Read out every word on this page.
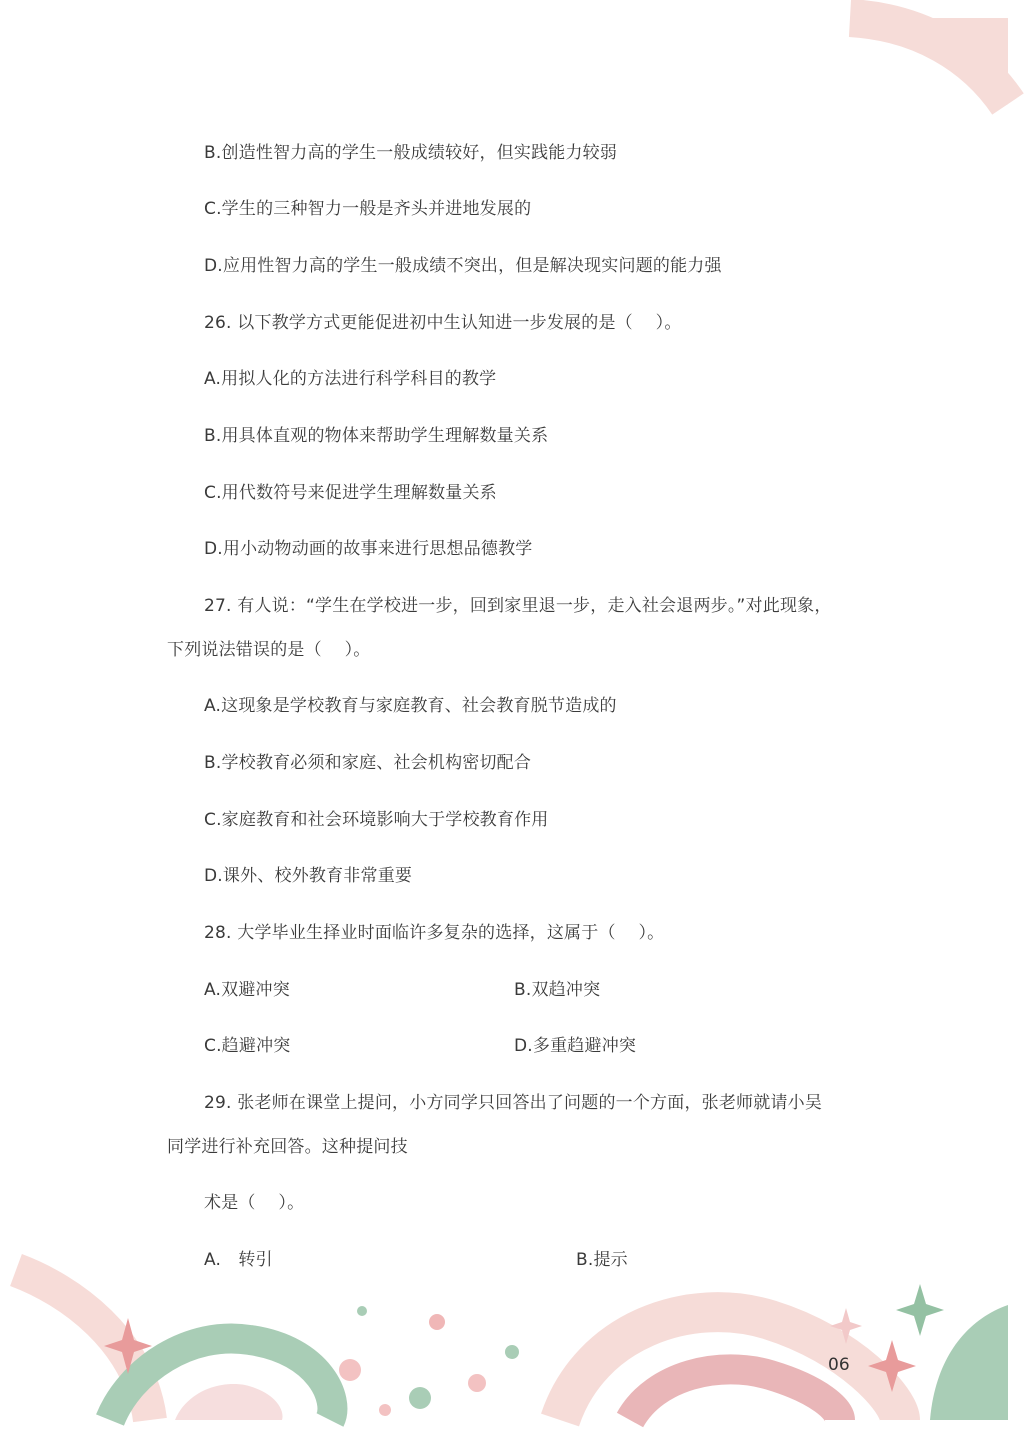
B.创造性智力高的学生一般成绩较好，但实践能力较弱
C.学生的三种智力一般是齐头并进地发展的
D.应用性智力高的学生一般成绩不突出，但是解决现实问题的能力强
26. 以下教学方式更能促进初中生认知进一步发展的是（　 ）。
A.用拟人化的方法进行科学科目的教学
B.用具体直观的物体来帮助学生理解数量关系
C.用代数符号来促进学生理解数量关系
D.用小动物动画的故事来进行思想品德教学
27. 有人说：“学生在学校进一步，回到家里退一步，走入社会退两步。”对此现象，
下列说法错误的是（　 ）。
A.这现象是学校教育与家庭教育、社会教育脱节造成的
B.学校教育必须和家庭、社会机构密切配合
C.家庭教育和社会环境影响大于学校教育作用
D.课外、校外教育非常重要
28. 大学毕业生择业时面临许多复杂的选择，这属于（　 ）。
A.双避冲突	B.双趋冲突
C.趋避冲突	D.多重趋避冲突
29. 张老师在课堂上提问，小方同学只回答出了问题的一个方面，张老师就请小吴
同学进行补充回答。这种提问技
术是（　 ）。
A.　转引	B.提示
06
